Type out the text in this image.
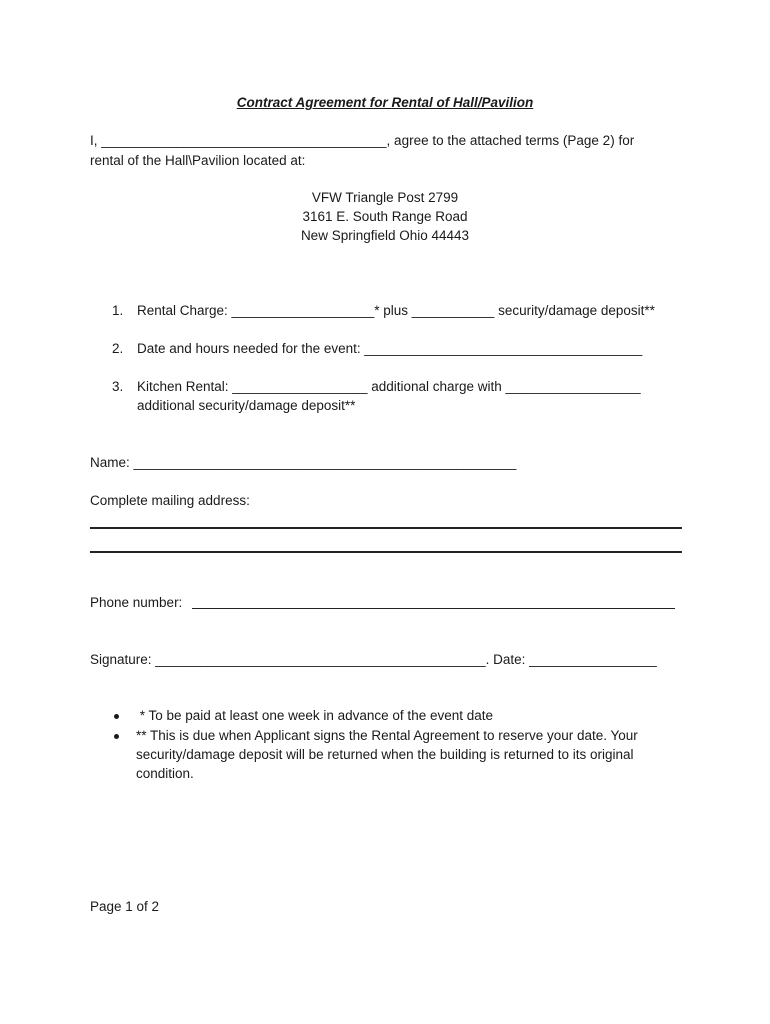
Contract Agreement for Rental of Hall/Pavilion
I, ______________________________________, agree to the attached terms (Page 2) for
rental of the Hall\Pavilion located at:
VFW Triangle Post 2799
3161 E. South Range Road
New Springfield Ohio 44443
1. Rental Charge: ___________________* plus ___________ security/damage deposit**
2. Date and hours needed for the event: _____________________________________
3. Kitchen Rental: __________________ additional charge with __________________
additional security/damage deposit**
Name: ___________________________________________________
Complete mailing address:
Phone number:
Signature: ____________________________________________. Date: _________________
* To be paid at least one week in advance of the event date
** This is due when Applicant signs the Rental Agreement to reserve your date. Your
security/damage deposit will be returned when the building is returned to its original
condition.
Page 1 of 2
